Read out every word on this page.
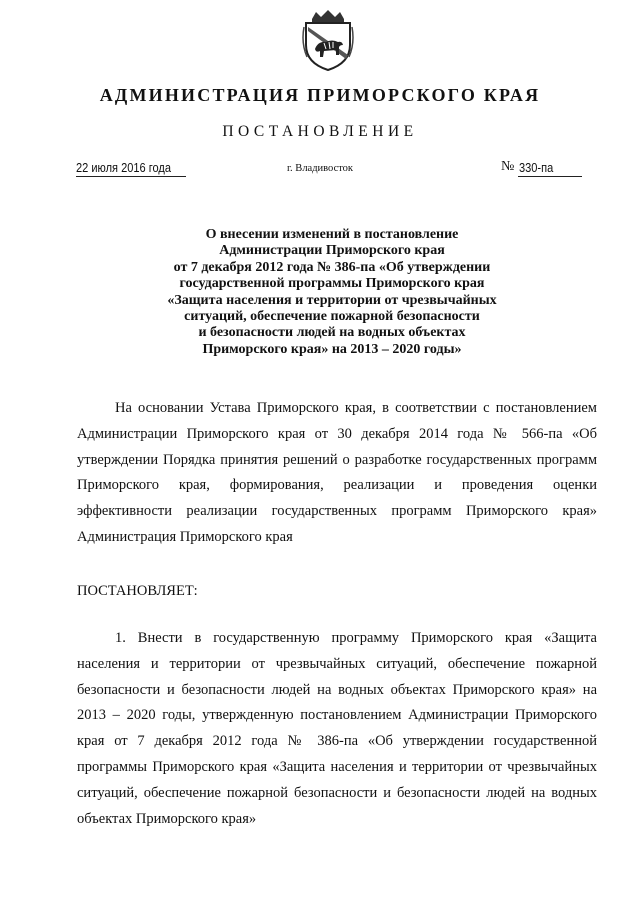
АДМИНИСТРАЦИЯ ПРИМОРСКОГО КРАЯ
ПОСТАНОВЛЕНИЕ
22 июля 2016 года	г. Владивосток	№ 330-па
О внесении изменений в постановление
Администрации Приморского края
от 7 декабря 2012 года № 386-па «Об утверждении
государственной программы Приморского края
«Защита населения и территории от чрезвычайных
ситуаций, обеспечение пожарной безопасности
и безопасности людей на водных объектах
Приморского края» на 2013 – 2020 годы»
На основании Устава Приморского края, в соответствии с постановлением Администрации Приморского края от 30 декабря 2014 года № 566-па «Об утверждении Порядка принятия решений о разработке государственных программ Приморского края, формирования, реализации и проведения оценки эффективности реализации государственных программ Приморского края» Администрация Приморского края
ПОСТАНОВЛЯЕТ:
1. Внести в государственную программу Приморского края «Защита населения и территории от чрезвычайных ситуаций, обеспечение пожарной безопасности и безопасности людей на водных объектах Приморского края» на 2013 – 2020 годы, утвержденную постановлением Администрации Приморского края от 7 декабря 2012 года № 386-па «Об утверждении государственной программы Приморского края «Защита населения и территории от чрезвычайных ситуаций, обеспечение пожарной безопасности и безопасности людей на водных объектах Приморского края»
